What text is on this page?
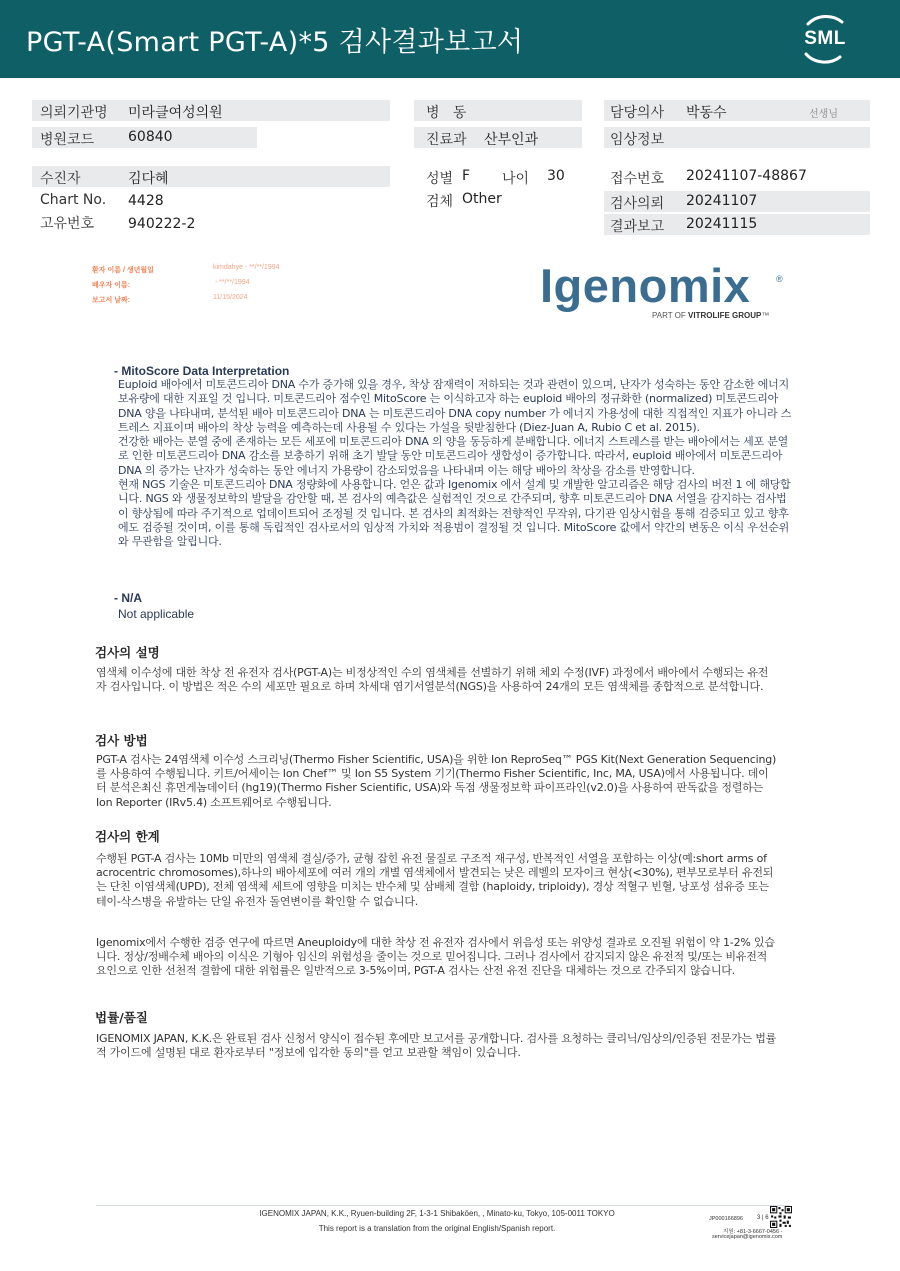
PGT-A(Smart PGT-A)*5 검사결과보고서	SML
의뢰기관명 미라클여성의원
병원코드 60840
병   동
진료과 산부인과
담당의사 박동수	선생님
임상정보
수진자	김다혜
Chart No. 4428
고유번호 940222-2
성별 F 나이 30
검체 Other
접수번호 20241107-48867
검사의뢰 20241107
결과보고 20241115
환자 이름 / 생년월일	kimdahye - **/**/1994
배우자 이름:	- **/**/1994
보고서 날짜:	11/15/2024	Igenomix	®
PART OF VITROLIFE GROUP™
- MitoScore Data Interpretation

Euploid 배아에서 미토콘드리아 DNA 수가 증가해 있을 경우, 착상 잠재력이 저하되는 것과 관련이 있으며, 난자가 성숙하는 동안 감소한 에너지 보유량에 대한 지표일 것 입니다. 미토콘드리아 점수인 MitoScore 는 이식하고자 하는 euploid 배아의 정규화한 (normalized) 미토콘드리아 DNA 양을 나타내며, 분석된 배아 미토콘드리아 DNA 는 미토콘드리아 DNA copy number 가 에너지 가용성에 대한 직접적인 지표가 아니라 스트레스 지표이며 배아의 착상 능력을 예측하는데 사용될 수 있다는 가설을 뒷받침한다 (Diez-Juan A, Rubio C et al. 2015).

건강한 배아는 분열 중에 존재하는 모든 세포에 미토콘드리아 DNA 의 양을 동등하게 분배합니다. 에너지 스트레스를 받는 배아에서는 세포 분열로 인한 미토콘드리아 DNA 감소를 보충하기 위해 초기 발달 동안 미토콘드리아 생합성이 증가합니다. 따라서, euploid 배아에서 미토콘드리아 DNA 의 증가는 난자가 성숙하는 동안 에너지 가용량이 감소되었음을 나타내며 이는 해당 배아의 착상을 감소를 반영합니다.

현재 NGS 기술은 미토콘드리아 DNA 정량화에 사용합니다. 얻은 값과 Igenomix 에서 설계 및 개발한 알고리즘은 해당 검사의 버전 1 에 해당합니다. NGS 와 생물정보학의 발달을 감안할 때, 본 검사의 예측값은 실험적인 것으로 간주되며, 향후 미토콘드리아 DNA 서열을 감지하는 검사법이 향상됨에 따라 주기적으로 업데이트되어 조정될 것 입니다. 본 검사의 최적화는 전향적인 무작위, 다기관 임상시험을 통해 검증되고 있고 향후에도 검증될 것이며, 이를 통해 독립적인 검사로서의 임상적 가치와 적용범이 결정될 것 입니다. MitoScore 값에서 약간의 변동은 이식 우선순위와 무관함을 알립니다.

- N/A
Not applicable
검사의 설명
염색체 이수성에 대한 착상 전 유전자 검사(PGT-A)는 비정상적인 수의 염색체를 선별하기 위해 체외 수정(IVF) 과정에서 배아에서 수행되는 유전자 검사입니다. 이 방법은 적은 수의 세포만 필요로 하며 차세대 염기서열분석(NGS)을 사용하여 24개의 모든 염색체를 종합적으로 분석합니다.
검사 방법
PGT-A 검사는 24염색체 이수성 스크리닝(Thermo Fisher Scientific, USA)을 위한 Ion ReproSeq™ PGS Kit(Next Generation Sequencing)를 사용하여 수행됩니다. 키트/어세이는 Ion Chef™ 및 Ion S5 System 기기(Thermo Fisher Scientific, Inc, MA, USA)에서 사용됩니다. 데이터 분석은최신 휴먼게놈데이터 (hg19)(Thermo Fisher Scientific, USA)와 독점 생물정보학 파이프라인(v2.0)을 사용하여 판독값을 정렬하는 Ion Reporter (IRv5.4) 소프트웨어로 수행됩니다.
검사의 한계
수행된 PGT-A 검사는 10Mb 미만의 염색체 결실/증가, 균형 잡힌 유전 물질로 구조적 재구성, 반복적인 서열을 포함하는 이상(예:short arms of acrocentric chromosomes),하나의 배아세포에 여러 개의 개별 염색체에서 발견되는 낮은 레벨의 모자이크 현상(<30%), 편부모로부터 유전되는 단친 이염색체(UPD), 전체 염색체 세트에 영향을 미치는 반수체 및 삼배체 결함 (haploidy, triploidy), 경상 적혈구 빈혈, 낭포성 섬유증 또는 테이-삭스병을 유발하는 단일 유전자 돌연변이를 확인할 수 없습니다.
Igenomix에서 수행한 검증 연구에 따르면 Aneuploidy에 대한 착상 전 유전자 검사에서 위음성 또는 위양성 결과로 오진될 위험이 약 1-2% 있습니다. 정상/정배수체 배아의 이식은 기형아 임신의 위험성을 줄이는 것으로 믿어집니다. 그러나 검사에서 감지되지 않은 유전적 및/또는 비유전적 요인으로 인한 선천적 결함에 대한 위험률은 일반적으로 3-5%이며, PGT-A 검사는 산전 유전 진단을 대체하는 것으로 간주되지 않습니다.
법률/품질
IGENOMIX JAPAN, K.K.은 완료된 검사 신청서 양식이 접수된 후에만 보고서를 공개합니다. 검사를 요청하는 클리닉/임상의/인증된 전문가는 법률적 가이드에 설명된 대로 환자로부터 "정보에 입각한 동의"를 얻고 보관할 책임이 있습니다.
IGENOMIX JAPAN, K.K., Ryuen-building 2F, 1-3-1 Shibakōen, , Minato-ku, Tokyo, 105-0011 TOKYO
This report is a translation from the original English/Spanish report.
JP000166896 3 | 6
지원: +81-3-6667-0456 -
servicejapan@igenomix.com
